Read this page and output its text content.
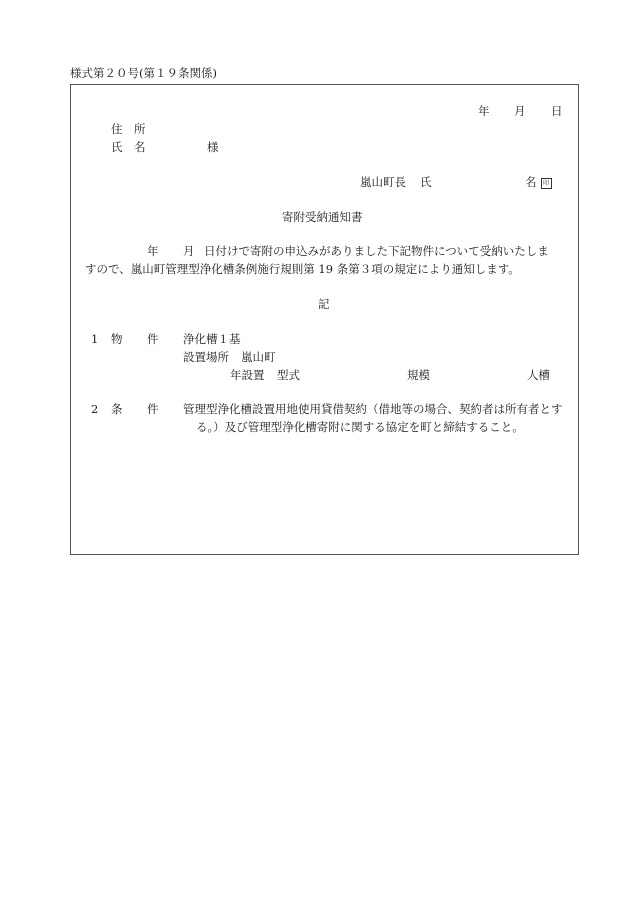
様式第２０号(第１９条関係)
年 月 日
住　所
氏　名	様
嵐山町長 氏	名 印
寄附受納通知書
年 月 日付けで寄附の申込みがありました下記物件について受納いたしま
すので、嵐山町管理型浄化槽条例施行規則第 19 条第３項の規定により通知します。
記
1 物 件 浄化槽１基
設置場所 嵐山町
年設置 型式	規模	人槽
2 条 件 管理型浄化槽設置用地使用貸借契約（借地等の場合、契約者は所有者とす
る。）及び管理型浄化槽寄附に関する協定を町と締結すること。
